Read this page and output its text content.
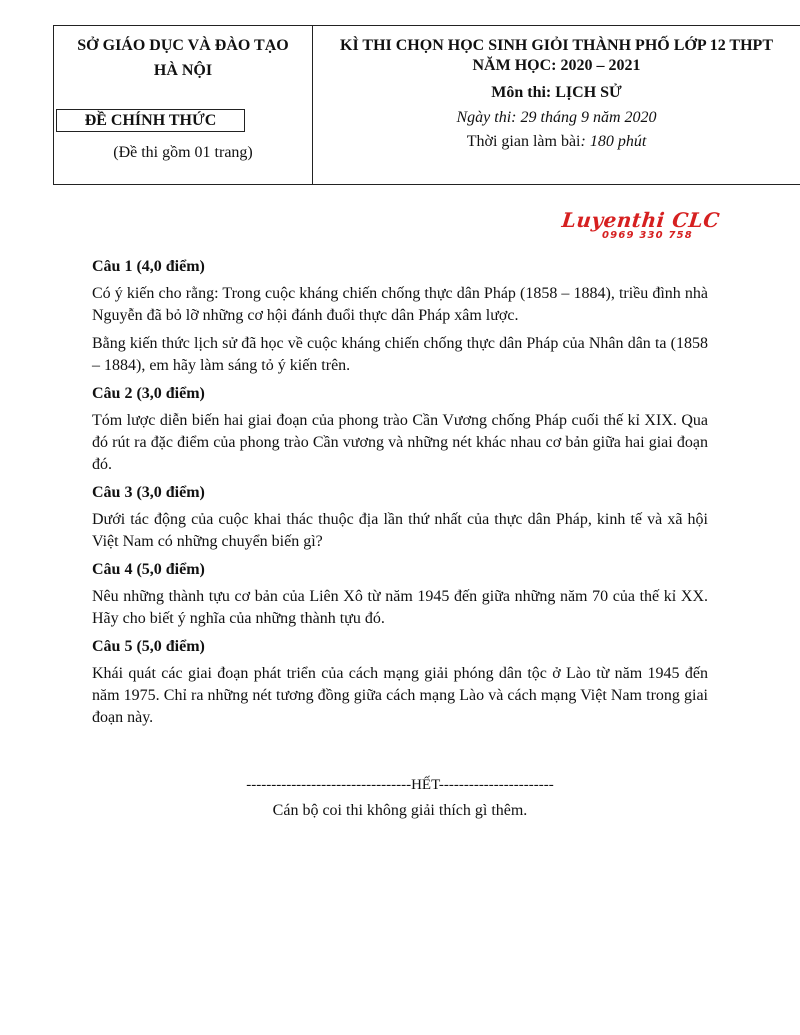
SỞ GIÁO DỤC VÀ ĐÀO TẠO
HÀ NỘI
ĐỀ CHÍNH THỨC
(Đề thi gồm 01 trang)
KÌ THI CHỌN HỌC SINH GIỎI THÀNH PHỐ LỚP 12 THPT
NĂM HỌC: 2020 – 2021
Môn thi: LỊCH SỬ
Ngày thi: 29 tháng 9 năm 2020
Thời gian làm bài: 180 phút
Luyenthi CLC
0969 330 758

Câu 1 (4,0 điểm)

Có ý kiến cho rằng: Trong cuộc kháng chiến chống thực dân Pháp (1858 – 1884), triều đình nhà Nguyễn đã bỏ lỡ những cơ hội đánh đuổi thực dân Pháp xâm lược.

Bằng kiến thức lịch sử đã học về cuộc kháng chiến chống thực dân Pháp của Nhân dân ta (1858 – 1884), em hãy làm sáng tỏ ý kiến trên.

Câu 2 (3,0 điểm)

Tóm lược diễn biến hai giai đoạn của phong trào Cần Vương chống Pháp cuối thế kỉ XIX. Qua đó rút ra đặc điểm của phong trào Cần vương và những nét khác nhau cơ bản giữa hai giai đoạn đó.

Câu 3 (3,0 điểm)

Dưới tác động của cuộc khai thác thuộc địa lần thứ nhất của thực dân Pháp, kinh tế và xã hội Việt Nam có những chuyển biến gì?

Câu 4 (5,0 điểm)

Nêu những thành tựu cơ bản của Liên Xô từ năm 1945 đến giữa những năm 70 của thế kỉ XX. Hãy cho biết ý nghĩa của những thành tựu đó.

Câu 5 (5,0 điểm)

Khái quát các giai đoạn phát triển của cách mạng giải phóng dân tộc ở Lào từ năm 1945 đến năm 1975. Chỉ ra những nét tương đồng giữa cách mạng Lào và cách mạng Việt Nam trong giai đoạn này.

---------------------------------HẾT-----------------------
Cán bộ coi thi không giải thích gì thêm.
